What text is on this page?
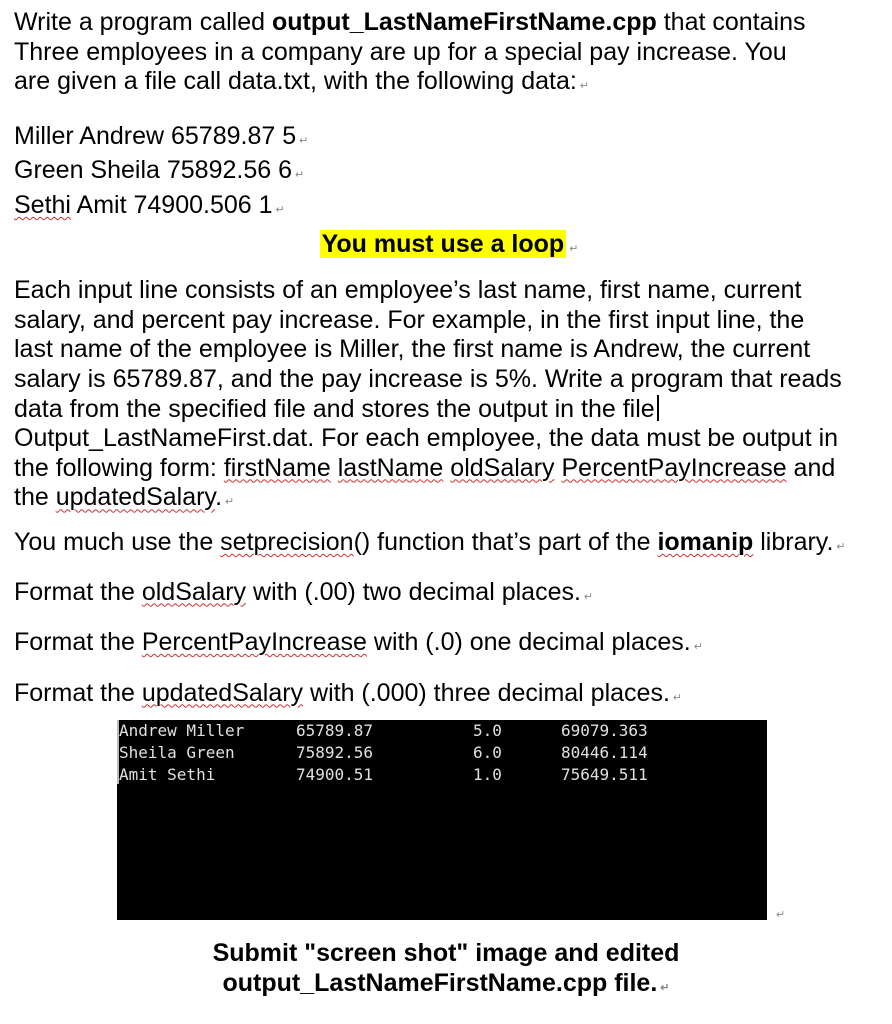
Write a program called output_LastNameFirstName.cpp that contains

Three employees in a company are up for a special pay increase. You

are given a file call data.txt, with the following data: ↵

Miller Andrew 65789.87 5 ↵

Green Sheila 75892.56 6 ↵

Sethi Amit 74900.506 1 ↵

You must use a loop ↵

Each input line consists of an employee’s last name, first name, current

salary, and percent pay increase. For example, in the first input line, the

last name of the employee is Miller, the first name is Andrew, the current

salary is 65789.87, and the pay increase is 5%. Write a program that reads

data from the specified file and stores the output in the file

Output_LastNameFirst.dat. For each employee, the data must be output in

the following form: firstName lastName oldSalary PercentPayIncrease and

the updatedSalary. ↵

You much use the setprecision() function that’s part of the iomanip library. ↵

Format the oldSalary with (.00) two decimal places. ↵

Format the PercentPayIncrease with (.0) one decimal places. ↵

Format the updatedSalary with (.000) three decimal places. ↵

Andrew Miller	65789.87	5.0	69079.363
Sheila Green	75892.56	6.0	80446.114
Amit Sethi	74900.51	1.0	75649.511
↵
Submit "screen shot" image and edited
output_LastNameFirstName.cpp file. ↵
